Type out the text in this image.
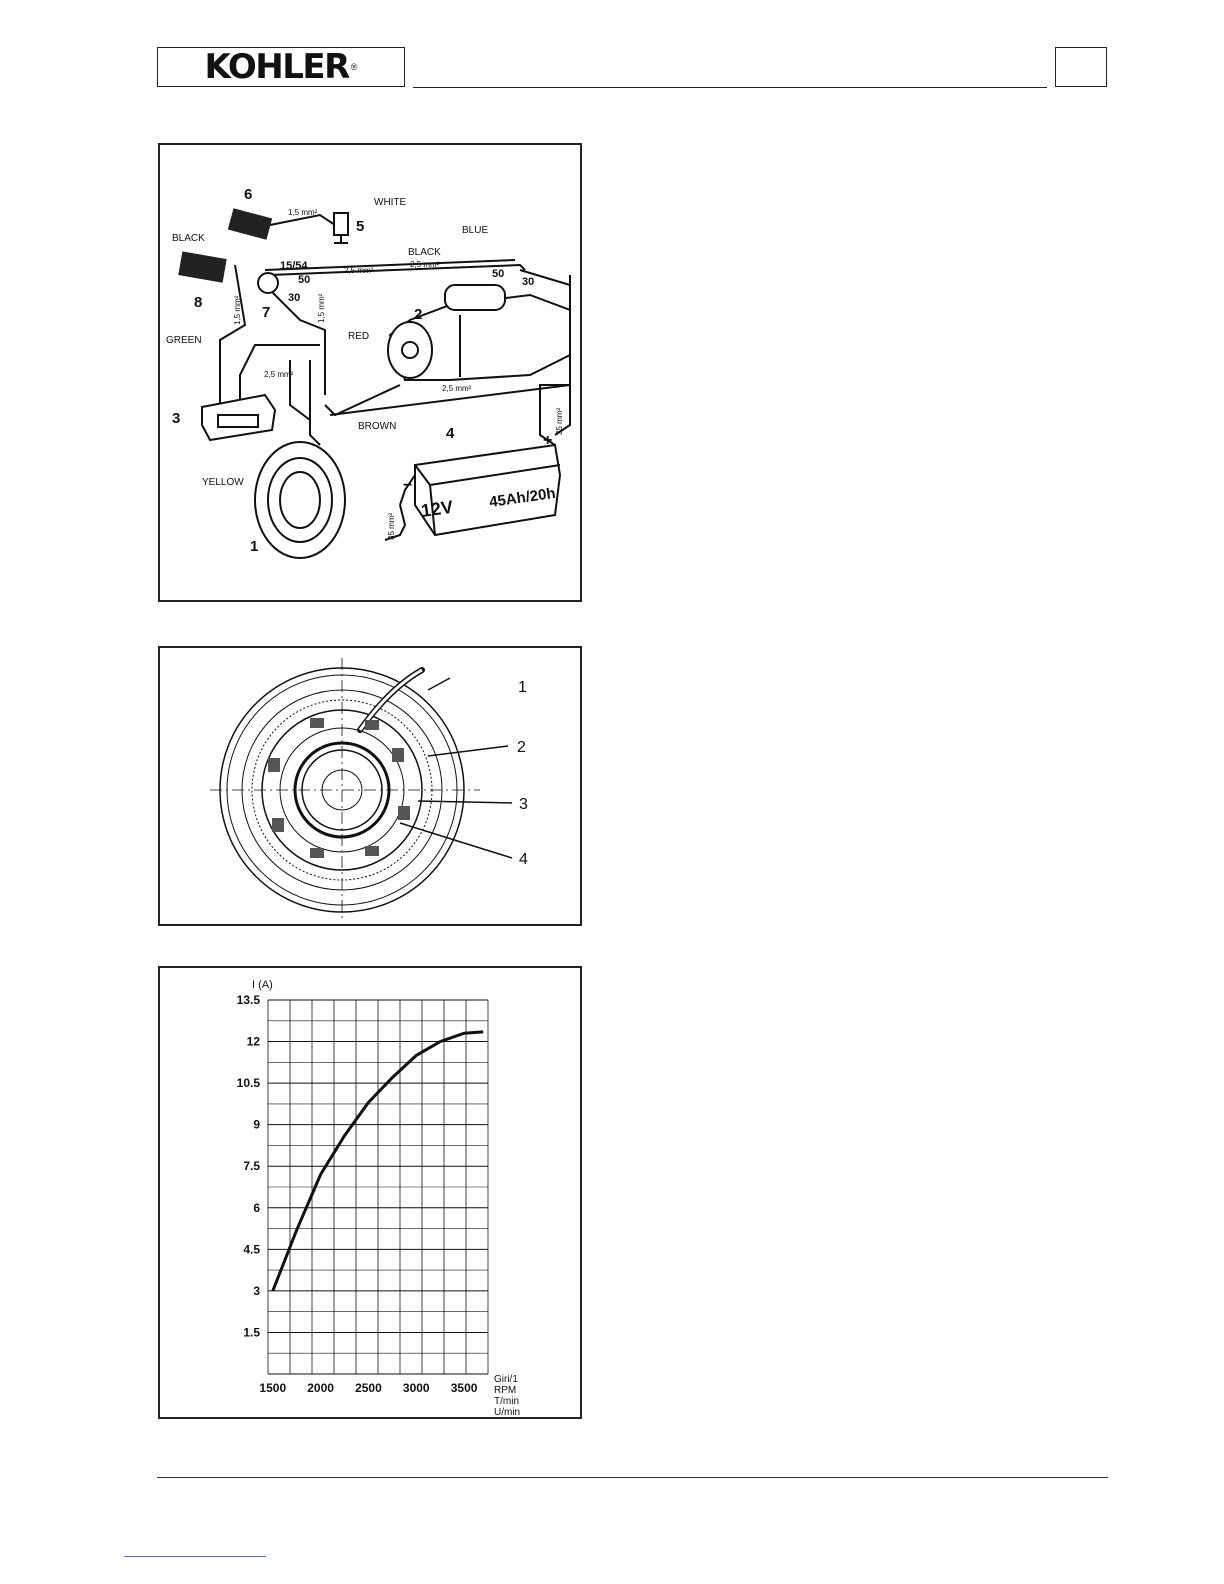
KOHLER ®
6
5
8
7	2
3
4
1
WHITE
BLACK
BLACK
BLUE
GREEN	RED
BROWN
YELLOW
1,5 mm²
2,5 mm²
2,5 mm²
1,5 mm²	1,5 mm²
2,5 mm²
2,5 mm²
35 mm²
35 mm²
15/54
50
30
50
30
+
−
12V 45Ah/20h
1
2
3
4
1.5
3
4.5
6
7.5
9
10.5
12
13.5
1500 2000 2500 3000 3500
I (A)
Giri/1
RPM
T/min
U/min
